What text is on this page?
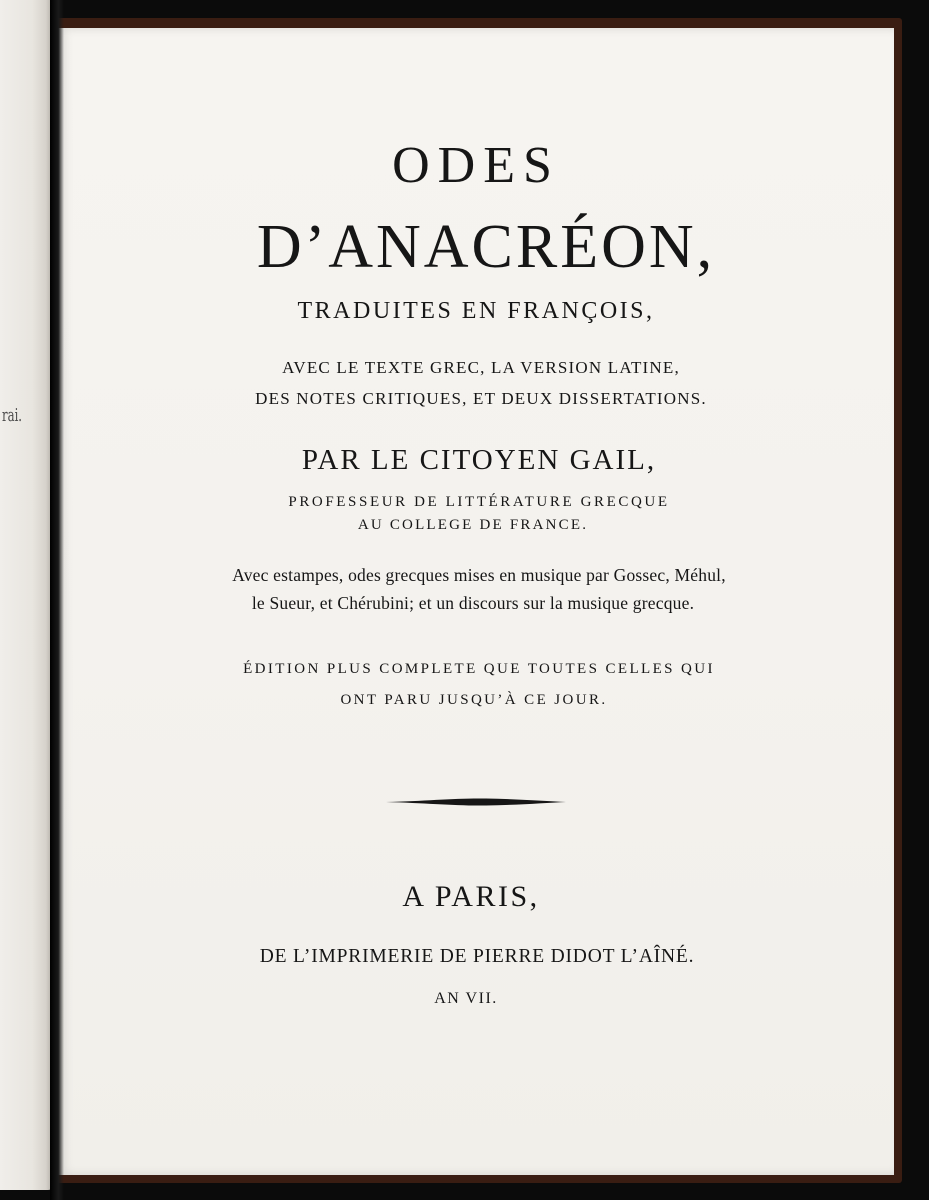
rai.
ODES
D’ANACRÉON,
TRADUITES EN FRANÇOIS,
AVEC LE TEXTE GREC, LA VERSION LATINE,
DES NOTES CRITIQUES, ET DEUX DISSERTATIONS.
PAR LE CITOYEN GAIL,
PROFESSEUR DE LITTÉRATURE GRECQUE
AU COLLEGE DE FRANCE.
Avec estampes, odes grecques mises en musique par Gossec, Méhul,
le Sueur, et Chérubini; et un discours sur la musique grecque.
ÉDITION PLUS COMPLETE QUE TOUTES CELLES QUI
ONT PARU JUSQU’À CE JOUR.
A PARIS,
DE L’IMPRIMERIE DE PIERRE DIDOT L’AÎNÉ.
AN VII.
